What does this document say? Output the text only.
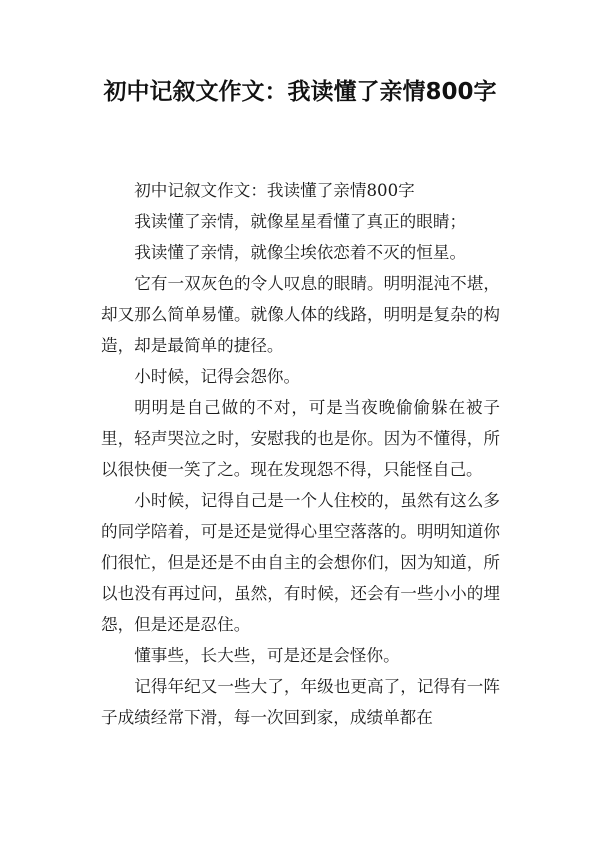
初中记叙文作文：我读懂了亲情800字

初中记叙文作文：我读懂了亲情800字

我读懂了亲情，就像星星看懂了真正的眼睛；

我读懂了亲情，就像尘埃依恋着不灭的恒星。

它有一双灰色的令人叹息的眼睛。明明混沌不堪，却又那么简单易懂。就像人体的线路，明明是复杂的构造，却是最简单的捷径。

小时候，记得会怨你。

明明是自己做的不对，可是当夜晚偷偷躲在被子里，轻声哭泣之时，安慰我的也是你。因为不懂得，所以很快便一笑了之。现在发现怨不得，只能怪自己。

小时候，记得自己是一个人住校的，虽然有这么多的同学陪着，可是还是觉得心里空落落的。明明知道你们很忙，但是还是不由自主的会想你们，因为知道，所以也没有再过问，虽然，有时候，还会有一些小小的埋怨，但是还是忍住。

懂事些，长大些，可是还是会怪你。

记得年纪又一些大了，年级也更高了，记得有一阵子成绩经常下滑，每一次回到家，成绩单都在
